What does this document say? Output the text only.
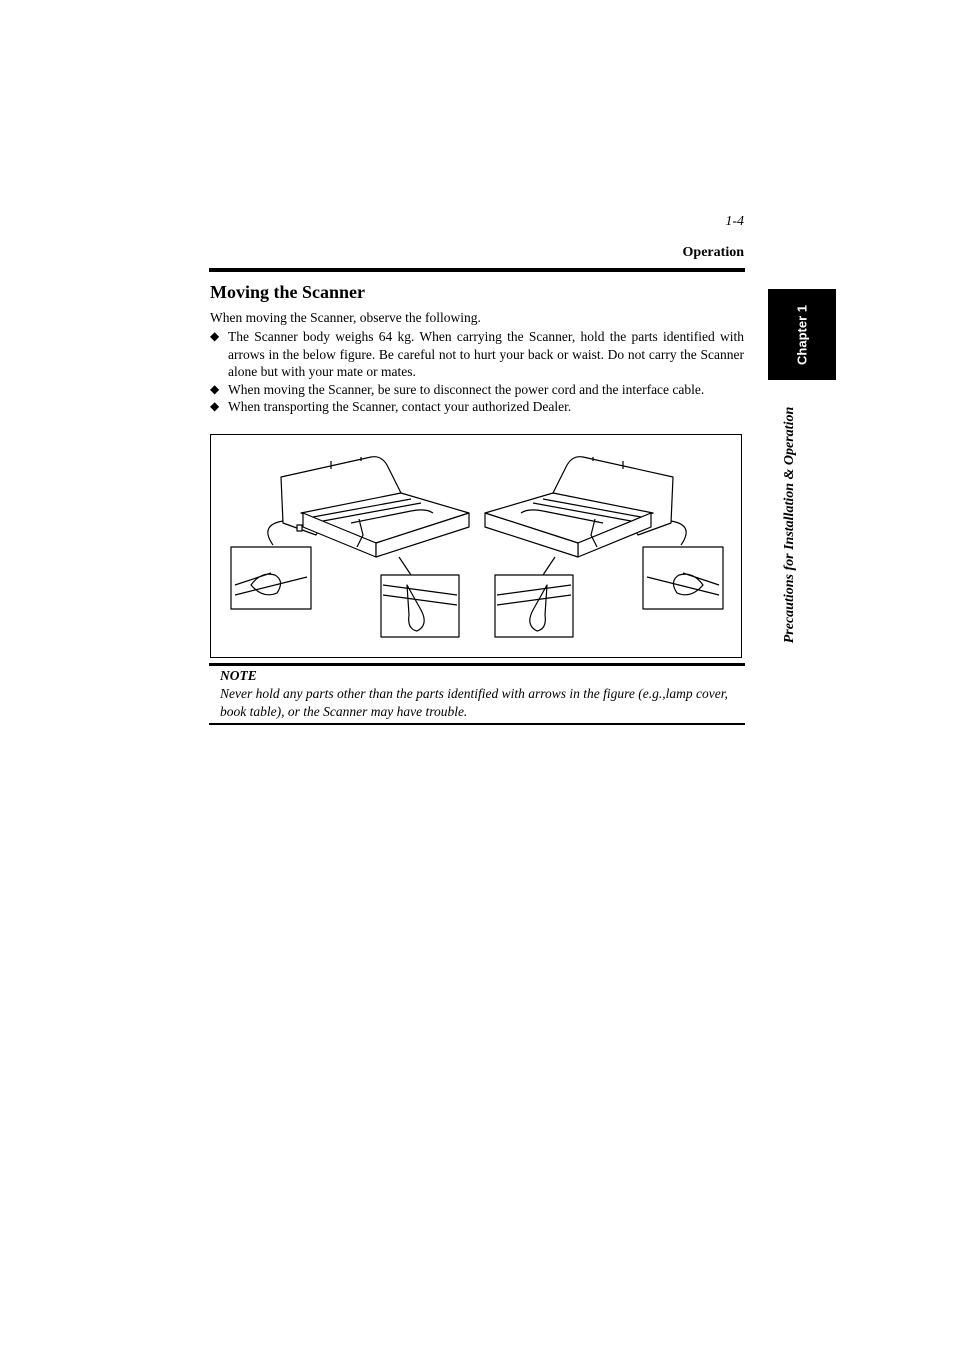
1-4
Operation
Moving the Scanner
When moving the Scanner, observe the following.
◆ The Scanner body weighs 64 kg. When carrying the Scanner, hold the parts identified with arrows in the below figure. Be careful not to hurt your back or waist. Do not carry the Scanner alone but with your mate or mates.
◆ When moving the Scanner, be sure to disconnect the power cord and the interface cable.
◆ When transporting the Scanner, contact your authorized Dealer.
NOTE
Never hold any parts other than the parts identified with arrows in the figure (e.g.,lamp cover, book table), or the Scanner may have trouble.
Chapter 1
Precautions for Installation & Operation
